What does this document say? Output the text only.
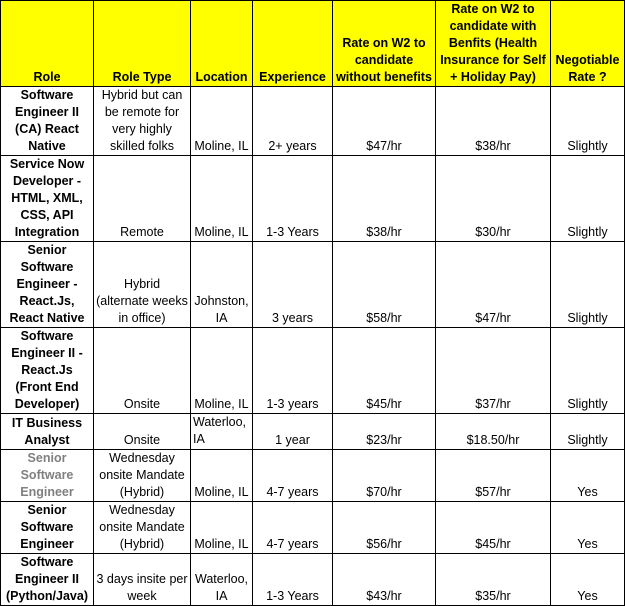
Role	Role Type	Location	Experience	Rate on W2 to candidate without benefits	Rate on W2 to candidate with Benfits (Health Insurance for Self + Holiday Pay)	Negotiable Rate ?
Software Engineer II (CA) React Native	Hybrid but can be remote for very highly skilled folks	Moline, IL	2+ years	$47/hr	$38/hr	Slightly
Service Now Developer - HTML, XML, CSS, API Integration	Remote	Moline, IL	1-3 Years	$38/hr	$30/hr	Slightly
Senior Software Engineer - React.Js, React Native	Hybrid (alternate weeks in office)	Johnston, IA	3 years	$58/hr	$47/hr	Slightly
Software Engineer II - React.Js (Front End Developer)	Onsite	Moline, IL	1-3 years	$45/hr	$37/hr	Slightly
IT Business Analyst	Onsite	Waterloo, IA	1 year	$23/hr	$18.50/hr	Slightly
Senior Software Engineer	Wednesday onsite Mandate (Hybrid)	Moline, IL	4-7 years	$70/hr	$57/hr	Yes
Senior Software Engineer	Wednesday onsite Mandate (Hybrid)	Moline, IL	4-7 years	$56/hr	$45/hr	Yes
Software Engineer II (Python/Java)	3 days insite per week	Waterloo, IA	1-3 Years	$43/hr	$35/hr	Yes
